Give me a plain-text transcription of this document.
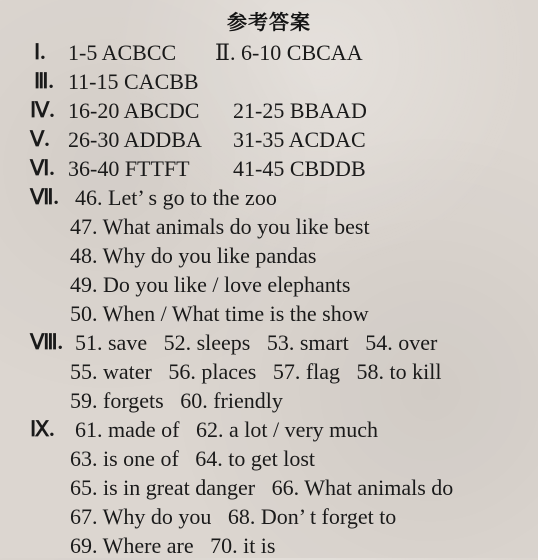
参考答案
Ⅰ. 1-5 ACBCC Ⅱ. 6-10 CBCAA
Ⅲ. 11-15 CACBB
Ⅳ. 16-20 ABCDC 21-25 BBAAD
Ⅴ. 26-30 ADDBA 31-35 ACDAC
Ⅵ. 36-40 FTTFT 41-45 CBDDB
Ⅶ. 46. Let’ s go to the zoo
47. What animals do you like best
48. Why do you like pandas
49. Do you like / love elephants
50. When / What time is the show
Ⅷ. 51. save   52. sleeps   53. smart   54. over
55. water   56. places   57. flag   58. to kill
59. forgets   60. friendly
Ⅸ. 61. made of   62. a lot / very much
63. is one of   64. to get lost
65. is in great danger   66. What animals do
67. Why do you   68. Don’ t forget to
69. Where are   70. it is
